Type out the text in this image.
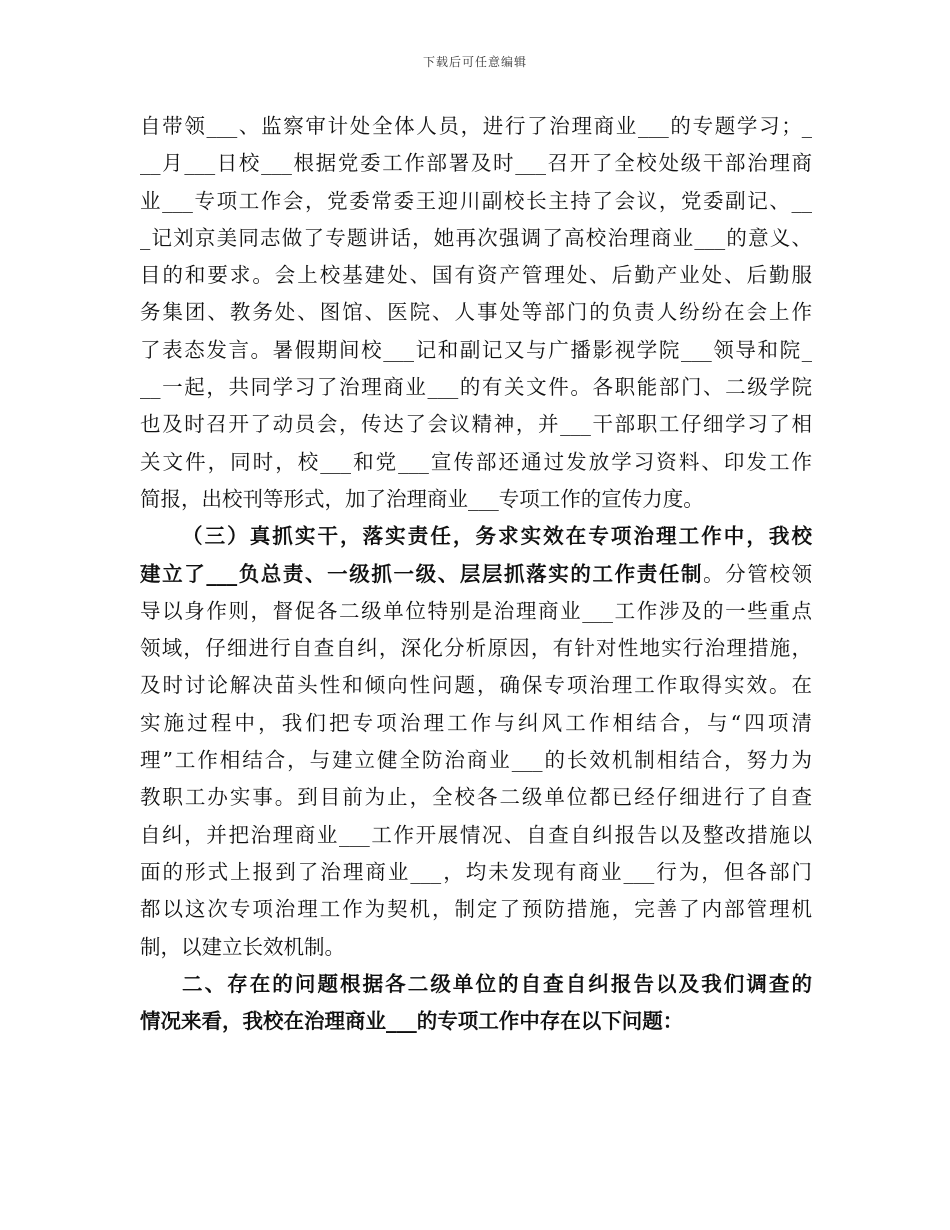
下载后可任意编辑
自带领___、监察审计处全体人员，进行了治理商业___的专题学习；_
__月___日校___根据党委工作部署及时___召开了全校处级干部治理商
业___专项工作会，党委常委王迎川副校长主持了会议，党委副记、__
_记刘京美同志做了专题讲话，她再次强调了高校治理商业___的意义、
目的和要求。会上校基建处、国有资产管理处、后勤产业处、后勤服
务集团、教务处、图馆、医院、人事处等部门的负责人纷纷在会上作
了表态发言。暑假期间校___记和副记又与广播影视学院___领导和院_
__一起，共同学习了治理商业___的有关文件。各职能部门、二级学院
也及时召开了动员会，传达了会议精神，并___干部职工仔细学习了相
关文件，同时，校___和党___宣传部还通过发放学习资料、印发工作
简报，出校刊等形式，加了治理商业___专项工作的宣传力度。
（三）真抓实干，落实责任，务求实效在专项治理工作中，我校
建立了___负总责、一级抓一级、层层抓落实的工作责任制。分管校领
导以身作则，督促各二级单位特别是治理商业___工作涉及的一些重点
领域，仔细进行自查自纠，深化分析原因，有针对性地实行治理措施，
及时讨论解决苗头性和倾向性问题，确保专项治理工作取得实效。在
实施过程中，我们把专项治理工作与纠风工作相结合，与“四项清
理”工作相结合，与建立健全防治商业___的长效机制相结合，努力为
教职工办实事。到目前为止，全校各二级单位都已经仔细进行了自查
自纠，并把治理商业___工作开展情况、自查自纠报告以及整改措施以
面的形式上报到了治理商业___，均未发现有商业___行为，但各部门
都以这次专项治理工作为契机，制定了预防措施，完善了内部管理机
制，以建立长效机制。
二、存在的问题根据各二级单位的自查自纠报告以及我们调查的
情况来看，我校在治理商业___的专项工作中存在以下问题：
